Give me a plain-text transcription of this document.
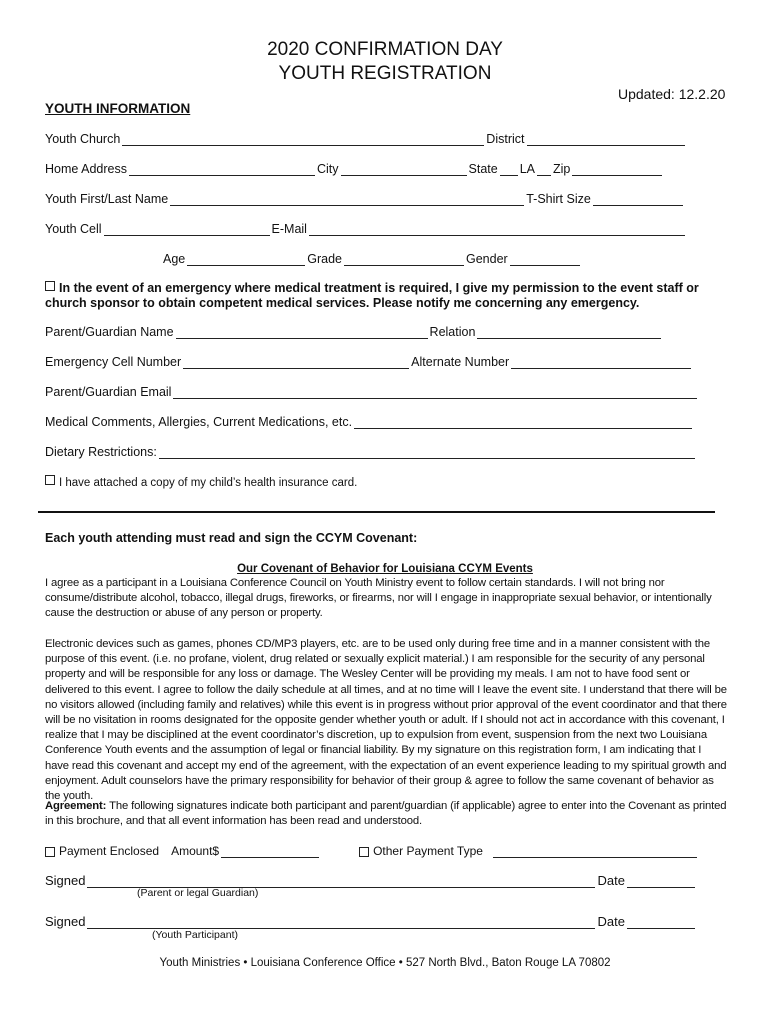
2020 CONFIRMATION DAY
YOUTH REGISTRATION
Updated: 12.2.20
YOUTH INFORMATION
Youth Church	District
Home Address	City	State LA Zip
Youth First/Last Name	T-Shirt Size
Youth Cell	E-Mail
Age	Grade	Gender
In the event of an emergency where medical treatment is required, I give my permission to the event staff or church sponsor to obtain competent medical services. Please notify me concerning any emergency.
Parent/Guardian Name	Relation
Emergency Cell Number	Alternate Number
Parent/Guardian Email
Medical Comments, Allergies, Current Medications, etc.
Dietary Restrictions:
I have attached a copy of my child’s health insurance card.
Each youth attending must read and sign the CCYM Covenant:
Our Covenant of Behavior for Louisiana CCYM Events
I agree as a participant in a Louisiana Conference Council on Youth Ministry event to follow certain standards. I will not bring nor consume/distribute alcohol, tobacco, illegal drugs, fireworks, or firearms, nor will I engage in inappropriate sexual behavior, or intentionally cause the destruction or abuse of any person or property.
Electronic devices such as games, phones CD/MP3 players, etc. are to be used only during free time and in a manner consistent with the purpose of this event. (i.e. no profane, violent, drug related or sexually explicit material.) I am responsible for the security of any personal property and will be responsible for any loss or damage. The Wesley Center will be providing my meals. I am not to have food sent or delivered to this event. I agree to follow the daily schedule at all times, and at no time will I leave the event site. I understand that there will be no visitors allowed (including family and relatives) while this event is in progress without prior approval of the event coordinator and that there will be no visitation in rooms designated for the opposite gender whether youth or adult. If I should not act in accordance with this covenant, I realize that I may be disciplined at the event coordinator’s discretion, up to expulsion from event, suspension from the next two Louisiana Conference Youth events and the assumption of legal or financial liability. By my signature on this registration form, I am indicating that I have read this covenant and accept my end of the agreement, with the expectation of an event experience leading to my spiritual growth and enjoyment. Adult counselors have the primary responsibility for behavior of their group & agree to follow the same covenant of behavior as the youth.
Agreement: The following signatures indicate both participant and parent/guardian (if applicable) agree to enter into the Covenant as printed in this brochure, and that all event information has been read and understood.
Payment Enclosed Amount$	Other Payment Type
Signed	Date
(Parent or legal Guardian)
Signed	Date
(Youth Participant)
Youth Ministries • Louisiana Conference Office • 527 North Blvd., Baton Rouge LA 70802
